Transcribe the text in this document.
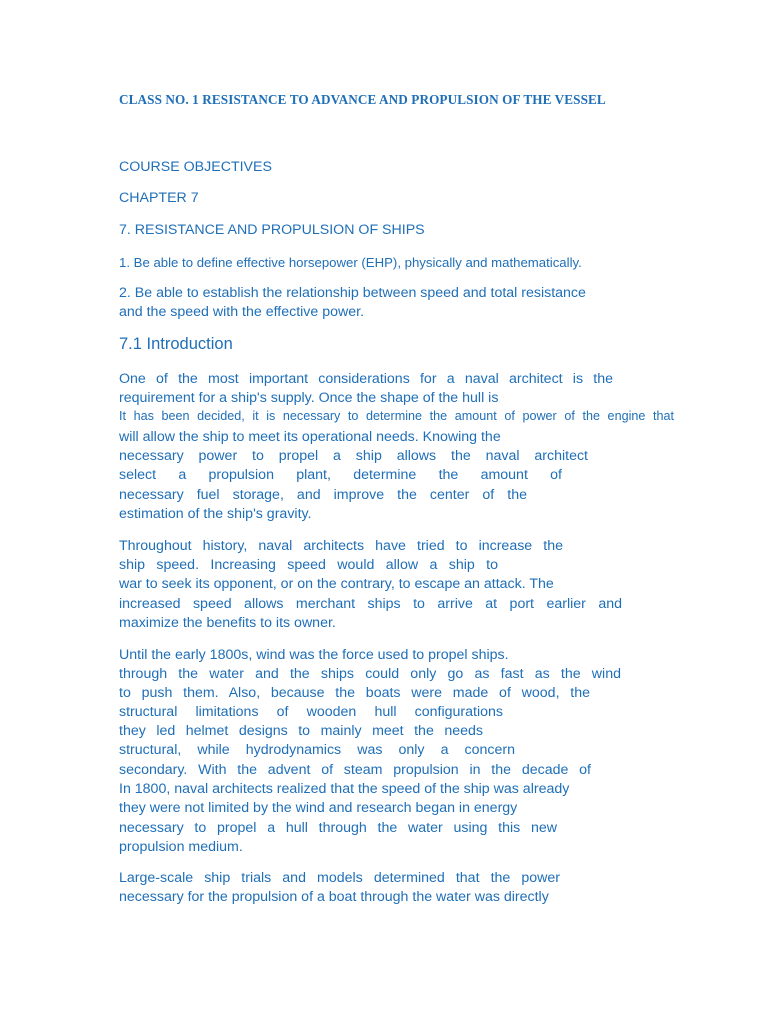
CLASS NO. 1 RESISTANCE TO ADVANCE AND PROPULSION OF THE VESSEL
COURSE OBJECTIVES
CHAPTER 7
7. RESISTANCE AND PROPULSION OF SHIPS
1. Be able to define effective horsepower (EHP), physically and mathematically.
2. Be able to establish the relationship between speed and total resistance
and the speed with the effective power.
7.1 Introduction
One of the most important considerations for a naval architect is the
requirement for a ship's supply. Once the shape of the hull is
It has been decided, it is necessary to determine the amount of power of the engine that
will allow the ship to meet its operational needs. Knowing the
necessary power to propel a ship allows the naval architect
select a propulsion plant, determine the amount of
necessary fuel storage, and improve the center of the
estimation of the ship's gravity.
Throughout history, naval architects have tried to increase the
ship speed. Increasing speed would allow a ship to
war to seek its opponent, or on the contrary, to escape an attack. The
increased speed allows merchant ships to arrive at port earlier and
maximize the benefits to its owner.
Until the early 1800s, wind was the force used to propel ships.
through the water and the ships could only go as fast as the wind
to push them. Also, because the boats were made of wood, the
structural limitations of wooden hull configurations
they led helmet designs to mainly meet the needs
structural, while hydrodynamics was only a concern
secondary. With the advent of steam propulsion in the decade of
In 1800, naval architects realized that the speed of the ship was already
they were not limited by the wind and research began in energy
necessary to propel a hull through the water using this new
propulsion medium.
Large-scale ship trials and models determined that the power
necessary for the propulsion of a boat through the water was directly
